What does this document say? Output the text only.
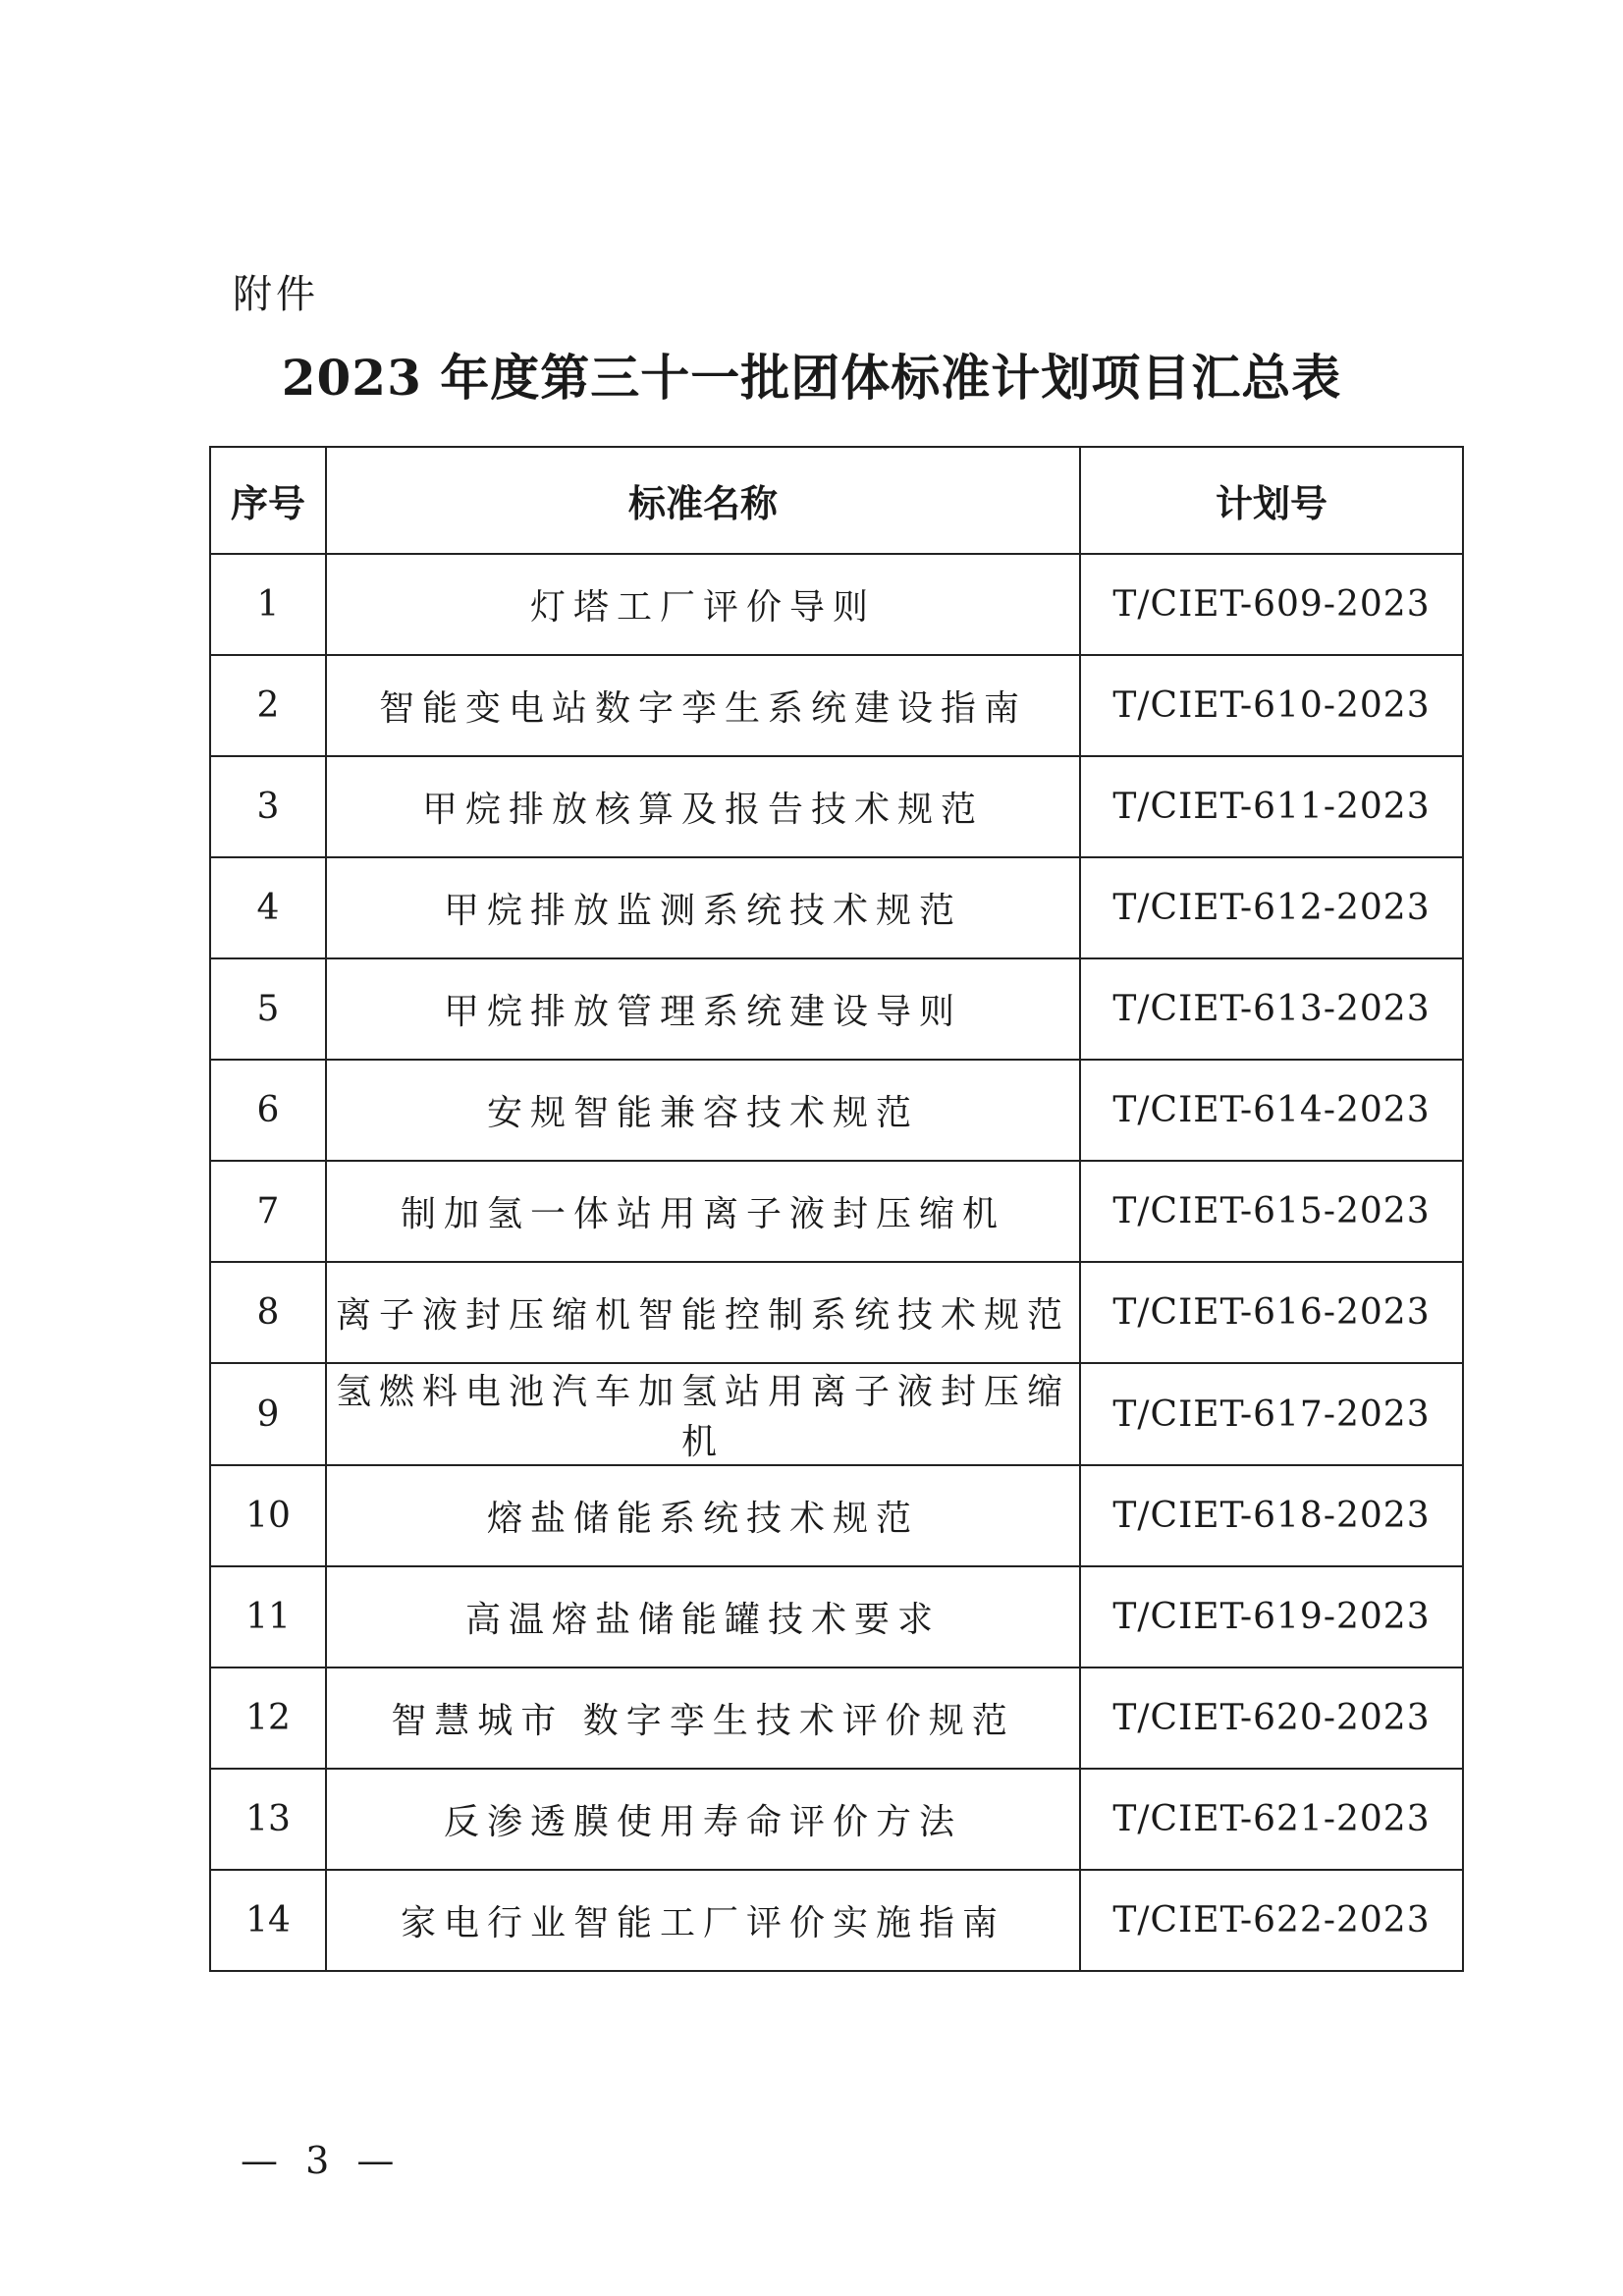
附件
2023 年度第三十一批团体标准计划项目汇总表
序号	标准名称	计划号
1	灯塔工厂评价导则	T/CIET-609-2023
2	智能变电站数字孪生系统建设指南	T/CIET-610-2023
3	甲烷排放核算及报告技术规范	T/CIET-611-2023
4	甲烷排放监测系统技术规范	T/CIET-612-2023
5	甲烷排放管理系统建设导则	T/CIET-613-2023
6	安规智能兼容技术规范	T/CIET-614-2023
7	制加氢一体站用离子液封压缩机	T/CIET-615-2023
8	离子液封压缩机智能控制系统技术规范	T/CIET-616-2023
9	氢燃料电池汽车加氢站用离子液封压缩机	T/CIET-617-2023
10	熔盐储能系统技术规范	T/CIET-618-2023
11	高温熔盐储能罐技术要求	T/CIET-619-2023
12	智慧城市 数字孪生技术评价规范	T/CIET-620-2023
13	反渗透膜使用寿命评价方法	T/CIET-621-2023
14	家电行业智能工厂评价实施指南	T/CIET-622-2023
— 3 —
